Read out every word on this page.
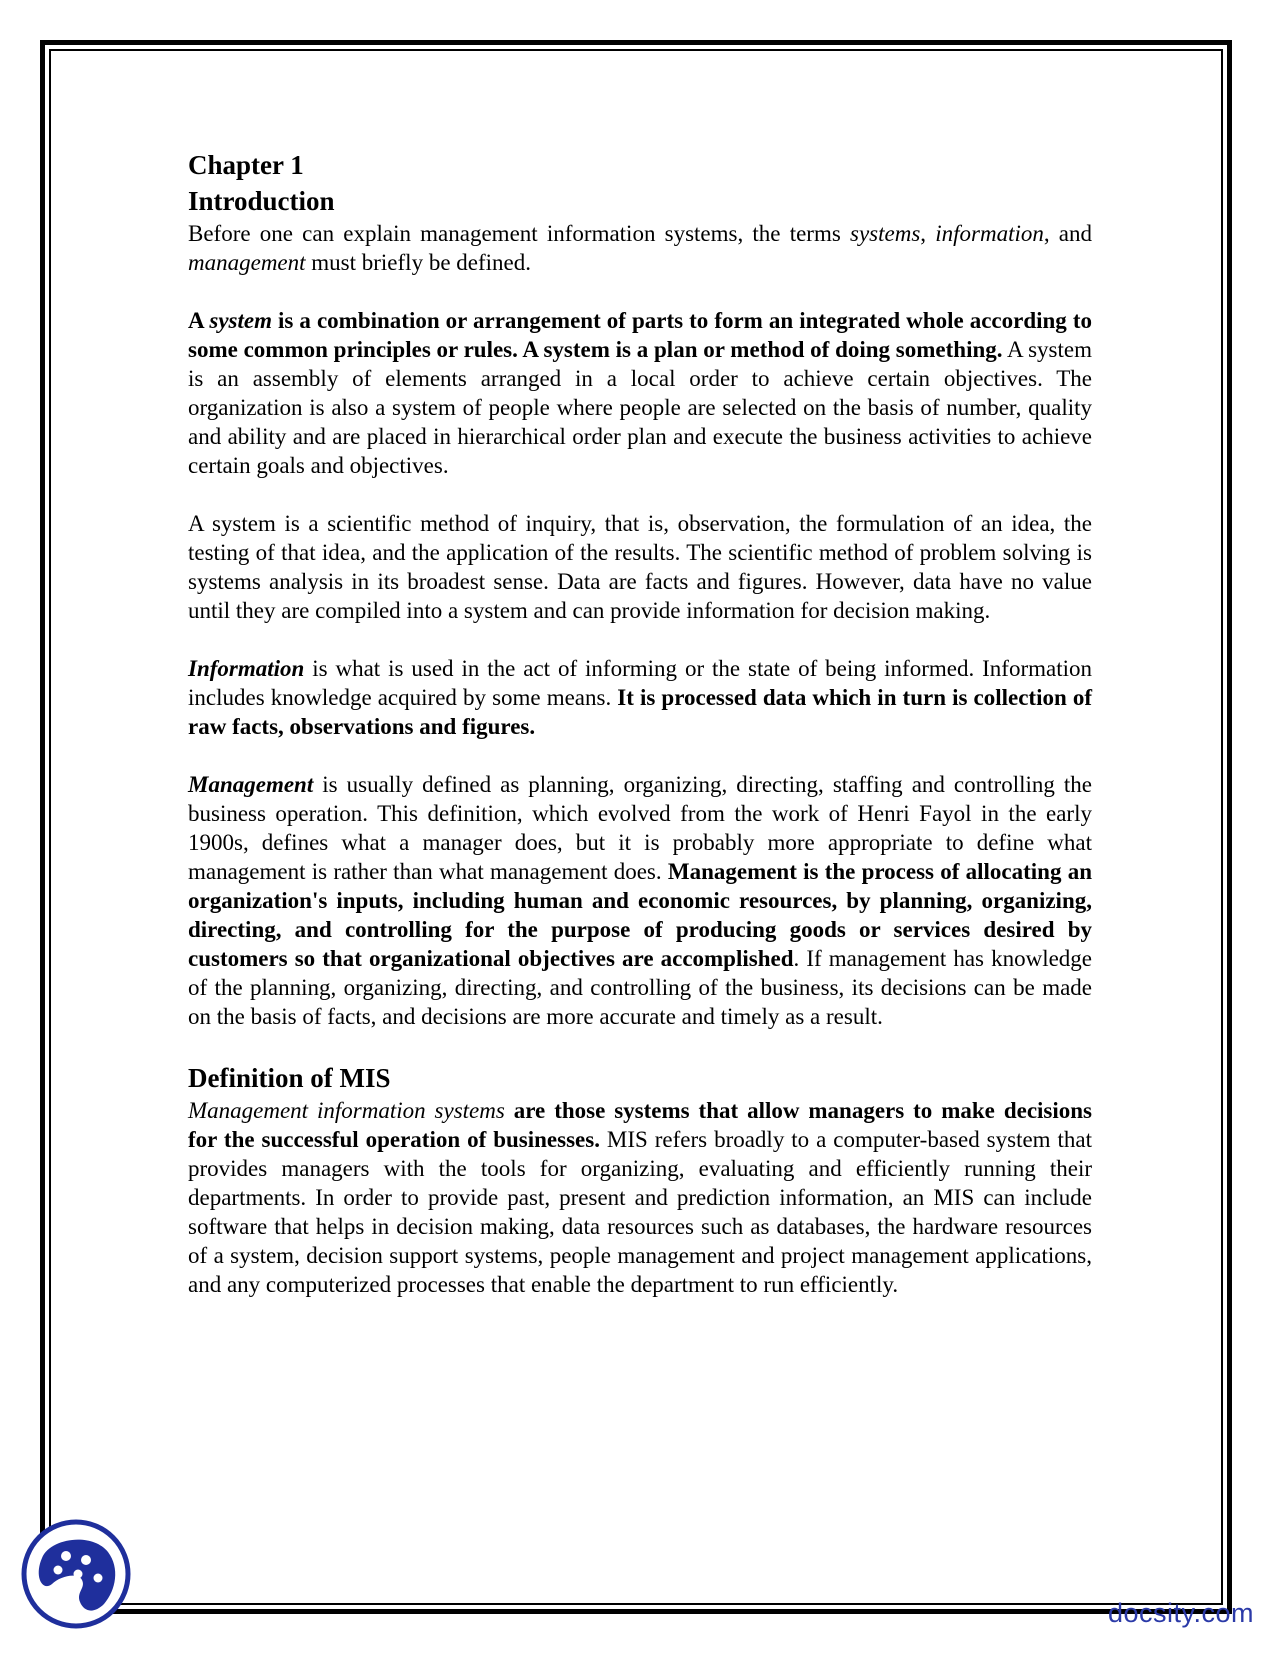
Chapter 1
Introduction

Before one can explain management information systems, the terms systems, information, and management must briefly be defined.

A system is a combination or arrangement of parts to form an integrated whole according to some common principles or rules. A system is a plan or method of doing something. A system is an assembly of elements arranged in a local order to achieve certain objectives. The organization is also a system of people where people are selected on the basis of number, quality and ability and are placed in hierarchical order plan and execute the business activities to achieve certain goals and objectives.

A system is a scientific method of inquiry, that is, observation, the formulation of an idea, the testing of that idea, and the application of the results. The scientific method of problem solving is systems analysis in its broadest sense. Data are facts and figures. However, data have no value until they are compiled into a system and can provide information for decision making.

Information is what is used in the act of informing or the state of being informed. Information includes knowledge acquired by some means. It is processed data which in turn is collection of raw facts, observations and figures.

Management is usually defined as planning, organizing, directing, staffing and controlling the business operation. This definition, which evolved from the work of Henri Fayol in the early 1900s, defines what a manager does, but it is probably more appropriate to define what management is rather than what management does. Management is the process of allocating an organization's inputs, including human and economic resources, by planning, organizing, directing, and controlling for the purpose of producing goods or services desired by customers so that organizational objectives are accomplished. If management has knowledge of the planning, organizing, directing, and controlling of the business, its decisions can be made on the basis of facts, and decisions are more accurate and timely as a result.

Definition of MIS

Management information systems are those systems that allow managers to make decisions for the successful operation of businesses. MIS refers broadly to a computer-based system that provides managers with the tools for organizing, evaluating and efficiently running their departments. In order to provide past, present and prediction information, an MIS can include software that helps in decision making, data resources such as databases, the hardware resources of a system, decision support systems, people management and project management applications, and any computerized processes that enable the department to run efficiently.

docsity.com
